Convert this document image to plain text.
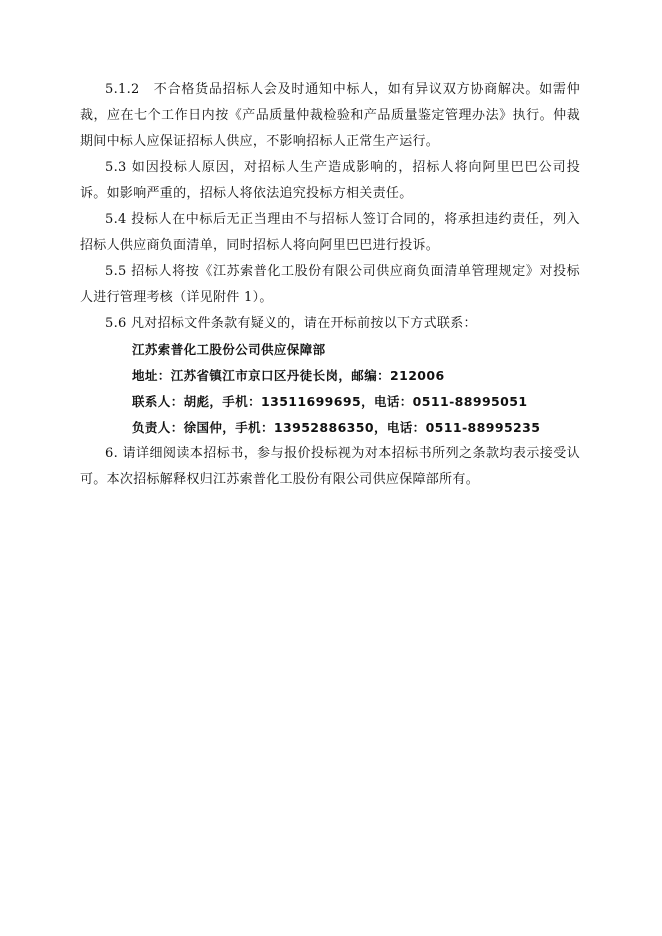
5.1.2　不合格货品招标人会及时通知中标人，如有异议双方协商解决。如需仲裁，应在七个工作日内按《产品质量仲裁检验和产品质量鉴定管理办法》执行。仲裁期间中标人应保证招标人供应，不影响招标人正常生产运行。

5.3 如因投标人原因，对招标人生产造成影响的，招标人将向阿里巴巴公司投诉。如影响严重的，招标人将依法追究投标方相关责任。

5.4 投标人在中标后无正当理由不与招标人签订合同的，将承担违约责任，列入招标人供应商负面清单，同时招标人将向阿里巴巴进行投诉。

5.5 招标人将按《江苏索普化工股份有限公司供应商负面清单管理规定》对投标人进行管理考核（详见附件 1）。

5.6 凡对招标文件条款有疑义的，请在开标前按以下方式联系：

江苏索普化工股份公司供应保障部
地址：江苏省镇江市京口区丹徒长岗，邮编：212006
联系人：胡彪，手机：13511699695，电话：0511-88995051
负责人：徐国仲，手机：13952886350，电话：0511-88995235

6. 请详细阅读本招标书，参与报价投标视为对本招标书所列之条款均表示接受认可。本次招标解释权归江苏索普化工股份有限公司供应保障部所有。
